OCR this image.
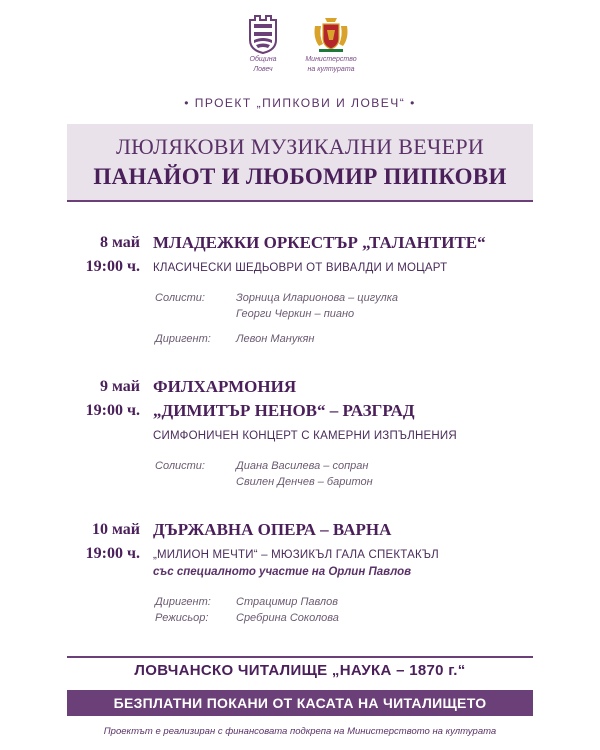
Община
Ловеч
Министерство
на културата
• ПРОЕКТ „ПИПКОВИ И ЛОВЕЧ“ •
ЛЮЛЯКОВИ МУЗИКАЛНИ ВЕЧЕРИ
ПАНАЙОТ И ЛЮБОМИР ПИПКОВИ
8 май
19:00 ч.
МЛАДЕЖКИ ОРКЕСТЪР „ТАЛАНТИТЕ“
КЛАСИЧЕСКИ ШЕДЬОВРИ ОТ ВИВАЛДИ И МОЦАРТ
Солисти:	Зорница Иларионова – цигулка
Георги Черкин – пиано
Диригент: Левон Манукян
9 май
19:00 ч.
ФИЛХАРМОНИЯ
„ДИМИТЪР НЕНОВ“ – РАЗГРАД
СИМФОНИЧЕН КОНЦЕРТ С КАМЕРНИ ИЗПЪЛНЕНИЯ
Солисти:	Диана Василева – сопран
Свилен Денчев – баритон
10 май
19:00 ч.
ДЪРЖАВНА ОПЕРА – ВАРНА
„МИЛИОН МЕЧТИ“ – МЮЗИКЪЛ ГАЛА СПЕКТАКЪЛ
със специалното участие на Орлин Павлов
Диригент: Страцимир Павлов
Режисьор:	Сребрина Соколова
ЛОВЧАНСКО ЧИТАЛИЩЕ „НАУКА – 1870 г.“
БЕЗПЛАТНИ ПОКАНИ ОТ КАСАТА НА ЧИТАЛИЩЕТО
Проектът е реализиран с финансовата подкрепа на Министерството на културата
